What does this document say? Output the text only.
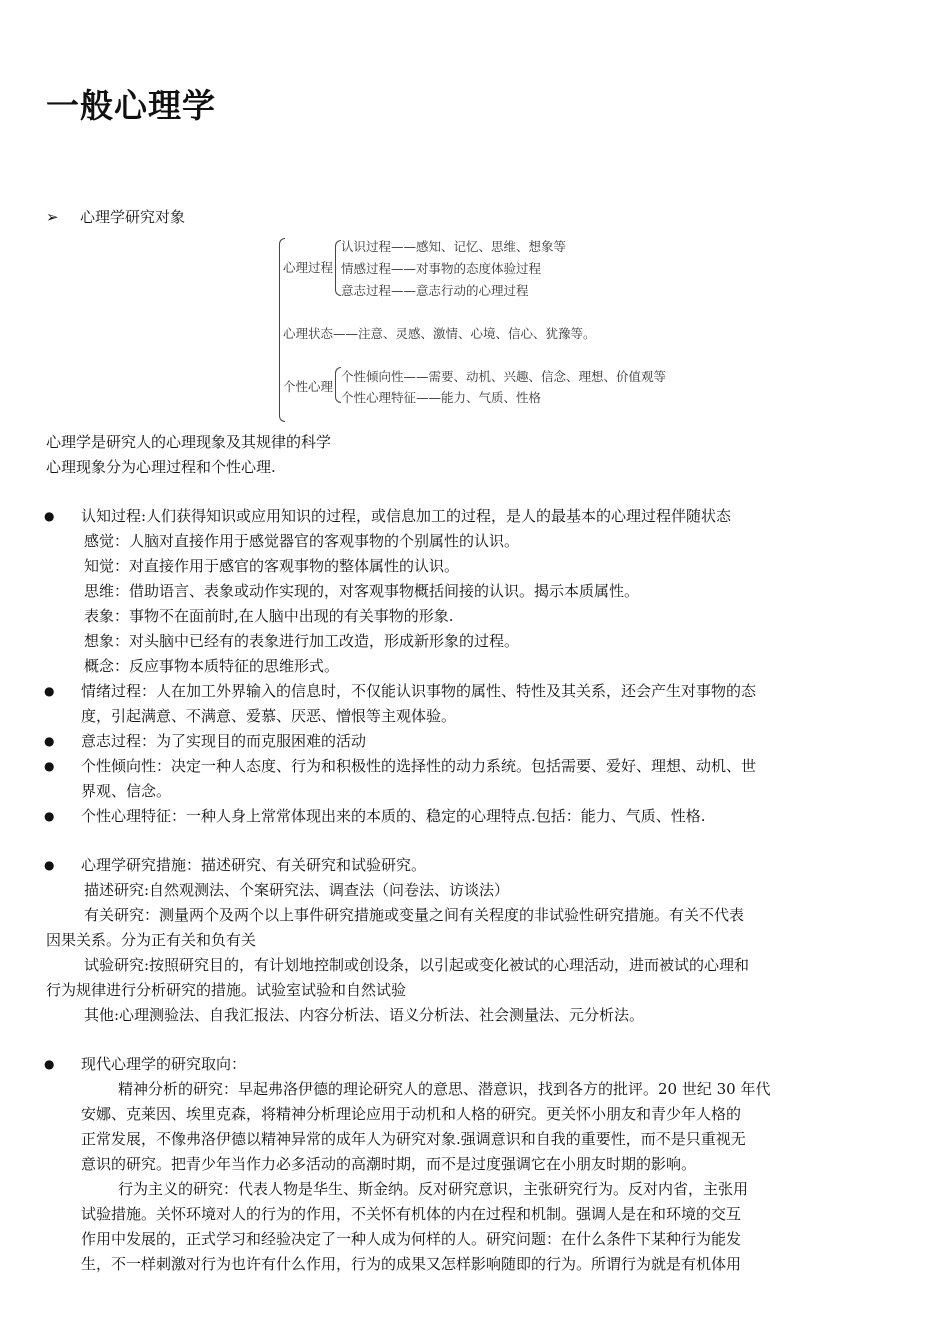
一般心理学
➢ 心理学研究对象
心理过程
认识过程——感知、记忆、思维、想象等
情感过程——对事物的态度体验过程
意志过程——意志行动的心理过程
心理状态——注意、灵感、激情、心境、信心、犹豫等。
个性心理
个性倾向性——需要、动机、兴趣、信念、理想、价值观等
个性心理特征——能力、气质、性格
心理学是研究人的心理现象及其规律的科学
心理现象分为心理过程和个性心理.
● 认知过程:人们获得知识或应用知识的过程，或信息加工的过程，是人的最基本的心理过程伴随状态
感觉：人脑对直接作用于感觉器官的客观事物的个别属性的认识。
知觉：对直接作用于感官的客观事物的整体属性的认识。
思维：借助语言、表象或动作实现的，对客观事物概括间接的认识。揭示本质属性。
表象：事物不在面前时,在人脑中出现的有关事物的形象.
想象：对头脑中已经有的表象进行加工改造，形成新形象的过程。
概念：反应事物本质特征的思维形式。
● 情绪过程：人在加工外界输入的信息时，不仅能认识事物的属性、特性及其关系，还会产生对事物的态
度，引起满意、不满意、爱慕、厌恶、憎恨等主观体验。
● 意志过程：为了实现目的而克服困难的活动
● 个性倾向性：决定一种人态度、行为和积极性的选择性的动力系统。包括需要、爱好、理想、动机、世
界观、信念。
● 个性心理特征：一种人身上常常体现出来的本质的、稳定的心理特点.包括：能力、气质、性格.
● 心理学研究措施：描述研究、有关研究和试验研究。
描述研究:自然观测法、个案研究法、调查法（问卷法、访谈法）
有关研究：测量两个及两个以上事件研究措施或变量之间有关程度的非试验性研究措施。有关不代表
因果关系。分为正有关和负有关
试验研究:按照研究目的，有计划地控制或创设条，以引起或变化被试的心理活动，进而被试的心理和
行为规律进行分析研究的措施。试验室试验和自然试验
其他:心理测验法、自我汇报法、内容分析法、语义分析法、社会测量法、元分析法。
● 现代心理学的研究取向：
精神分析的研究：早起弗洛伊德的理论研究人的意思、潜意识，找到各方的批评。20 世纪 30 年代
安娜、克莱因、埃里克森，将精神分析理论应用于动机和人格的研究。更关怀小朋友和青少年人格的
正常发展，不像弗洛伊德以精神异常的成年人为研究对象.强调意识和自我的重要性，而不是只重视无
意识的研究。把青少年当作力必多活动的高潮时期，而不是过度强调它在小朋友时期的影响。
行为主义的研究：代表人物是华生、斯金纳。反对研究意识，主张研究行为。反对内省，主张用
试验措施。关怀环境对人的行为的作用，不关怀有机体的内在过程和机制。强调人是在和环境的交互
作用中发展的，正式学习和经验决定了一种人成为何样的人。研究问题：在什么条件下某种行为能发
生，不一样刺激对行为也许有什么作用，行为的成果又怎样影响随即的行为。所谓行为就是有机体用
